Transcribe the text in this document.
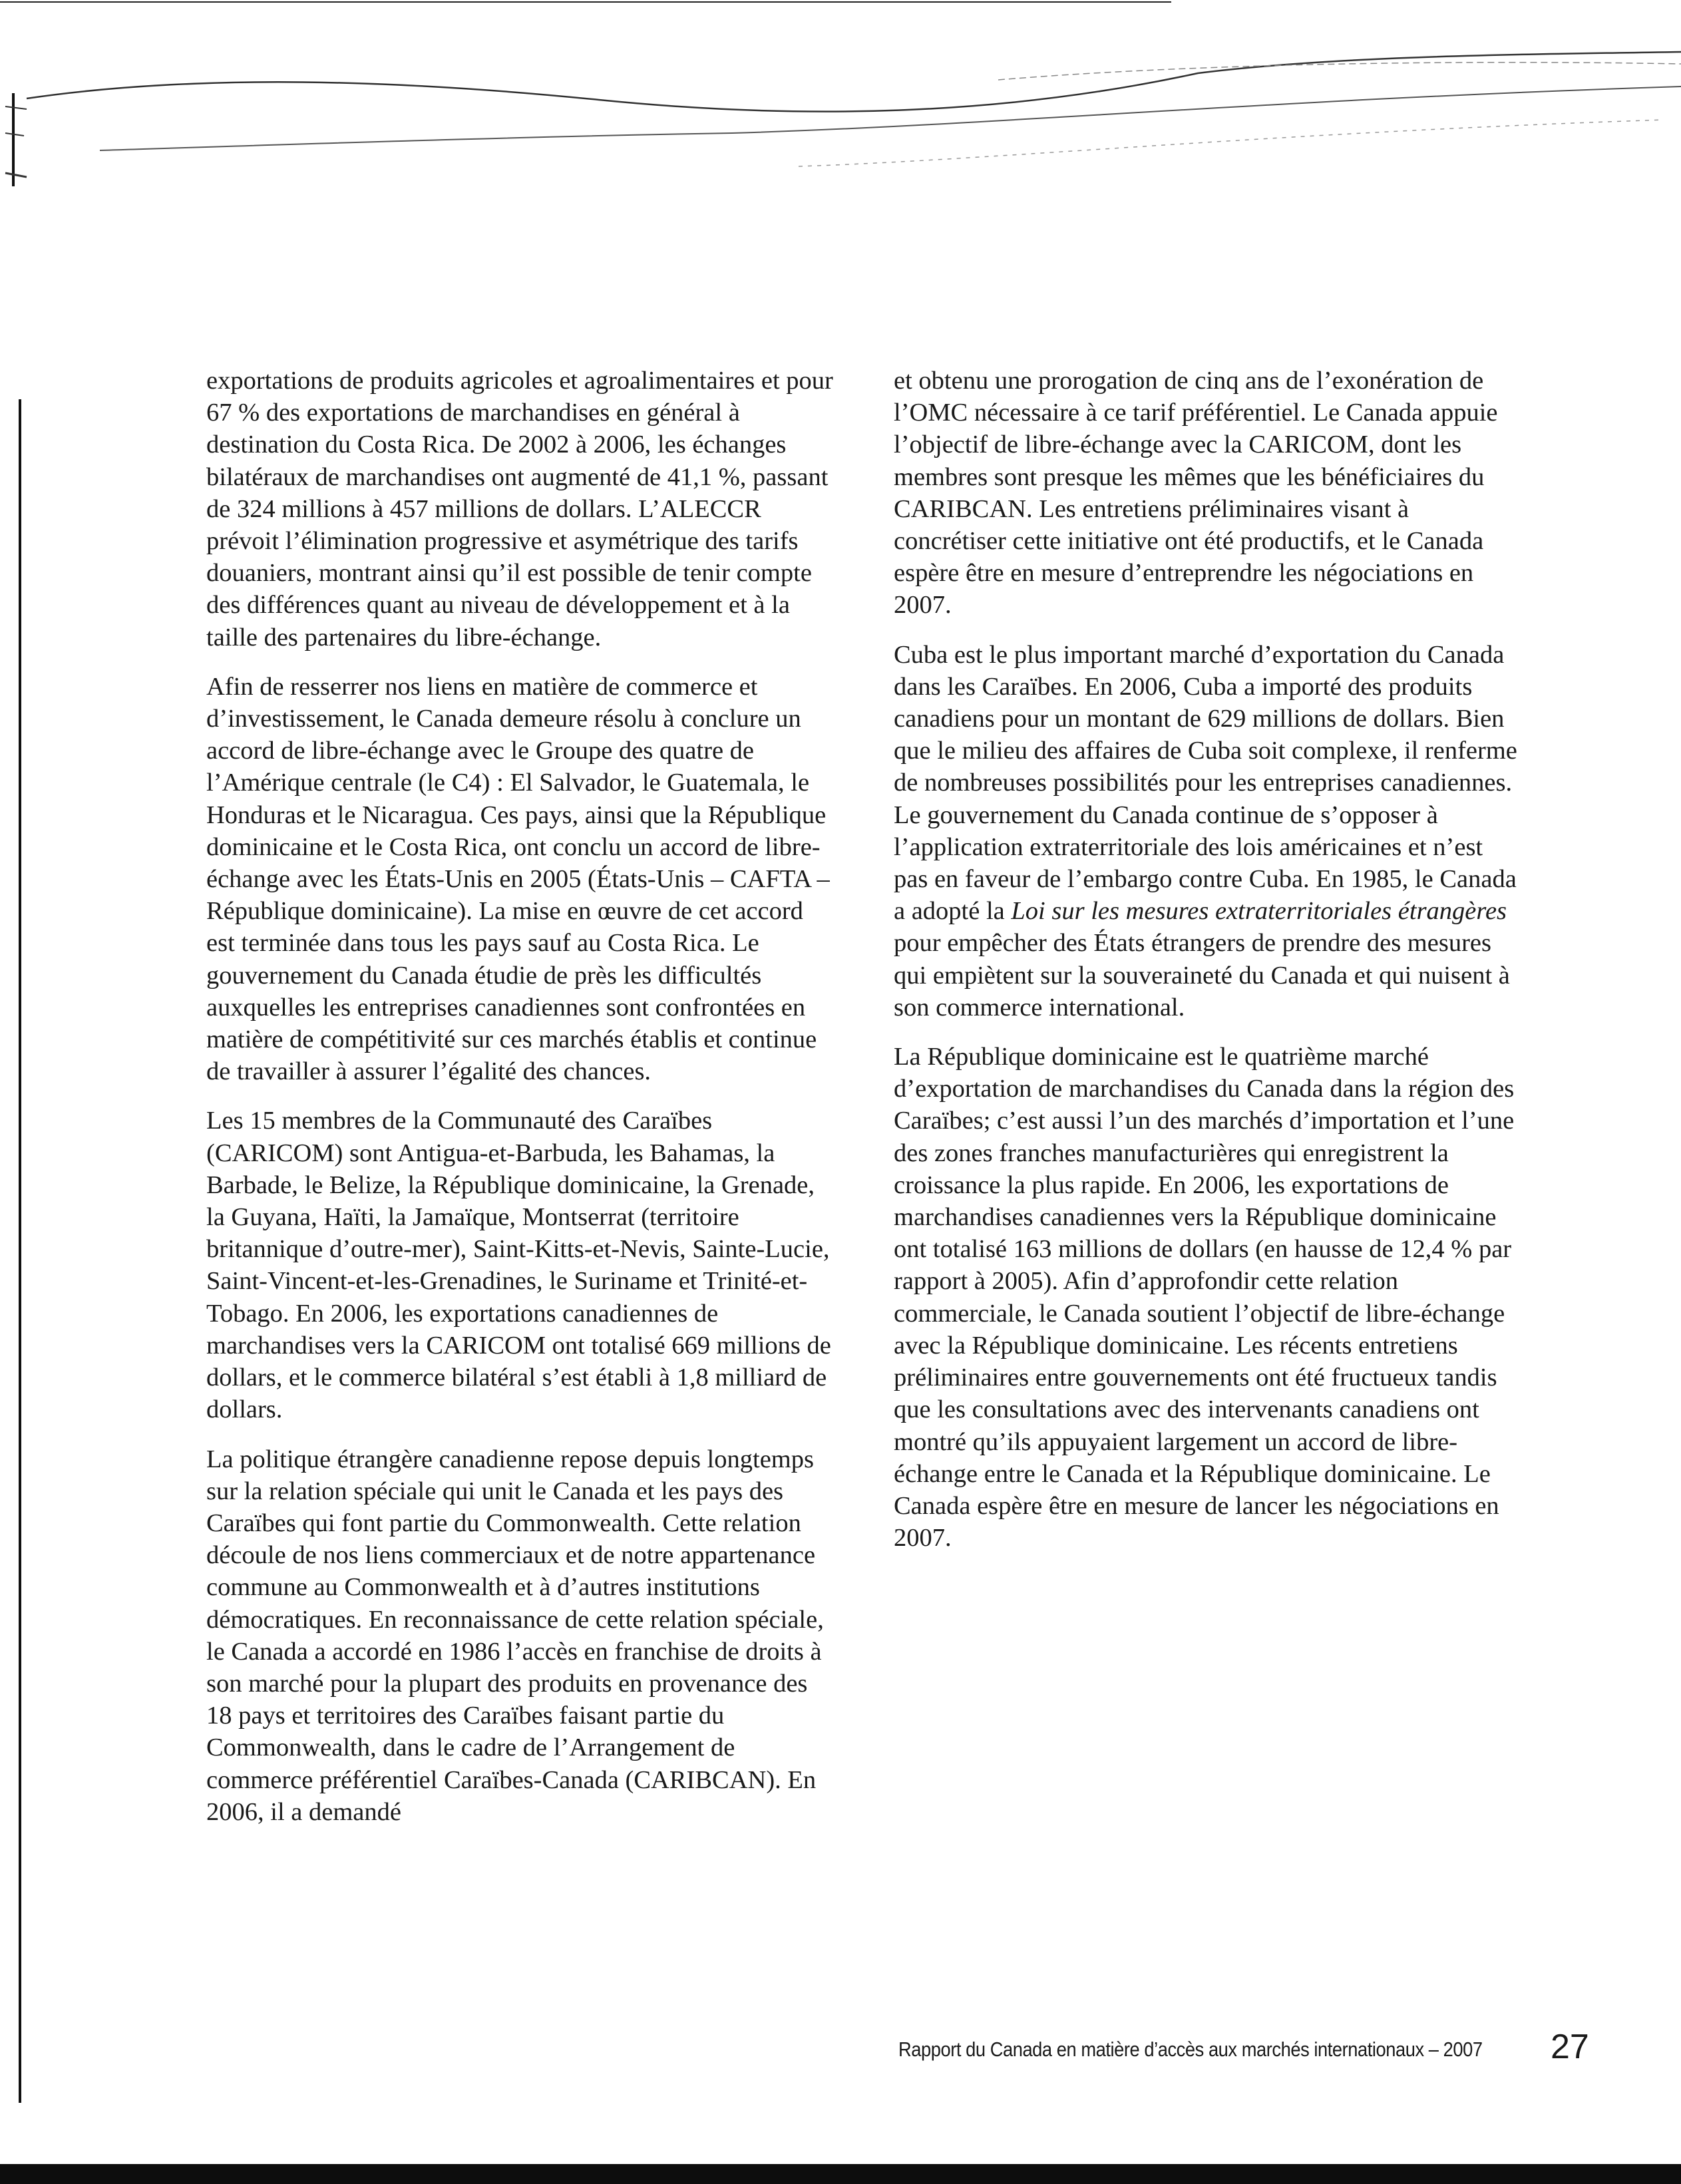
exportations de produits agricoles et agroalimentaires et pour 67 % des exportations de marchandises en général à destination du Costa Rica. De 2002 à 2006, les échanges bilatéraux de marchandises ont augmenté de 41,1 %, passant de 324 millions à 457 millions de dollars. L’ALECCR prévoit l’élimination progressive et asymétrique des tarifs douaniers, montrant ainsi qu’il est possible de tenir compte des différences quant au niveau de développement et à la taille des partenaires du libre-échange.

Afin de resserrer nos liens en matière de commerce et d’investissement, le Canada demeure résolu à conclure un accord de libre-échange avec le Groupe des quatre de l’Amérique centrale (le C4) : El Salvador, le Guatemala, le Honduras et le Nicaragua. Ces pays, ainsi que la République dominicaine et le Costa Rica, ont conclu un accord de libre-échange avec les États-Unis en 2005 (États-Unis – CAFTA – République dominicaine). La mise en œuvre de cet accord est terminée dans tous les pays sauf au Costa Rica. Le gouvernement du Canada étudie de près les difficultés auxquelles les entreprises canadiennes sont confrontées en matière de compétitivité sur ces marchés établis et continue de travailler à assurer l’égalité des chances.

Les 15 membres de la Communauté des Caraïbes (CARICOM) sont Antigua-et-Barbuda, les Bahamas, la Barbade, le Belize, la République dominicaine, la Grenade, la Guyana, Haïti, la Jamaïque, Montserrat (territoire britannique d’outre-mer), Saint-Kitts-et-Nevis, Sainte-Lucie, Saint-Vincent-et-les-Grenadines, le Suriname et Trinité-et-Tobago. En 2006, les exportations canadiennes de marchandises vers la CARICOM ont totalisé 669 millions de dollars, et le commerce bilatéral s’est établi à 1,8 milliard de dollars.

La politique étrangère canadienne repose depuis longtemps sur la relation spéciale qui unit le Canada et les pays des Caraïbes qui font partie du Commonwealth. Cette relation découle de nos liens commerciaux et de notre appartenance commune au Commonwealth et à d’autres institutions démocratiques. En reconnaissance de cette relation spéciale, le Canada a accordé en 1986 l’accès en franchise de droits à son marché pour la plupart des produits en provenance des 18 pays et territoires des Caraïbes faisant partie du Commonwealth, dans le cadre de l’Arrangement de commerce préférentiel Caraïbes-Canada (CARIBCAN). En 2006, il a demandé

et obtenu une prorogation de cinq ans de l’exonération de l’OMC nécessaire à ce tarif préférentiel. Le Canada appuie l’objectif de libre-échange avec la CARICOM, dont les membres sont presque les mêmes que les bénéficiaires du CARIBCAN. Les entretiens préliminaires visant à concrétiser cette initiative ont été productifs, et le Canada espère être en mesure d’entreprendre les négociations en 2007.

Cuba est le plus important marché d’exportation du Canada dans les Caraïbes. En 2006, Cuba a importé des produits canadiens pour un montant de 629 millions de dollars. Bien que le milieu des affaires de Cuba soit complexe, il renferme de nombreuses possibilités pour les entreprises canadiennes. Le gouvernement du Canada continue de s’opposer à l’application extraterritoriale des lois américaines et n’est pas en faveur de l’embargo contre Cuba. En 1985, le Canada a adopté la Loi sur les mesures extraterritoriales étrangères pour empêcher des États étrangers de prendre des mesures qui empiètent sur la souveraineté du Canada et qui nuisent à son commerce international.

La République dominicaine est le quatrième marché d’exportation de marchandises du Canada dans la région des Caraïbes; c’est aussi l’un des marchés d’importation et l’une des zones franches manufacturières qui enregistrent la croissance la plus rapide. En 2006, les exportations de marchandises canadiennes vers la République dominicaine ont totalisé 163 millions de dollars (en hausse de 12,4 % par rapport à 2005). Afin d’approfondir cette relation commerciale, le Canada soutient l’objectif de libre-échange avec la République dominicaine. Les récents entretiens préliminaires entre gouvernements ont été fructueux tandis que les consultations avec des intervenants canadiens ont montré qu’ils appuyaient largement un accord de libre-échange entre le Canada et la République dominicaine. Le Canada espère être en mesure de lancer les négociations en 2007.

Rapport du Canada en matière d’accès aux marchés internationaux – 2007 27
